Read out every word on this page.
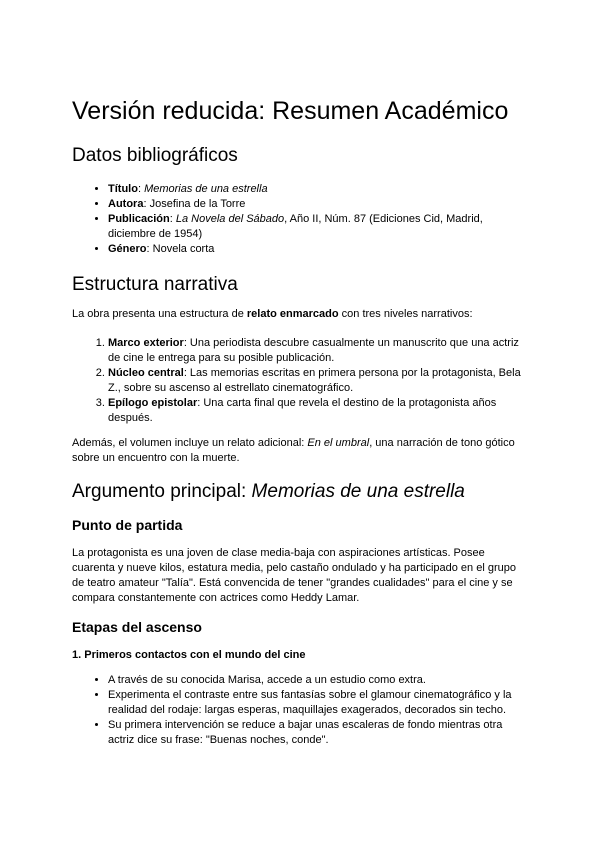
Versión reducida: Resumen Académico
Datos bibliográficos
• Título: Memorias de una estrella
• Autora: Josefina de la Torre
• Publicación: La Novela del Sábado, Año II, Núm. 87 (Ediciones Cid, Madrid, diciembre de 1954)
• Género: Novela corta
Estructura narrativa

La obra presenta una estructura de relato enmarcado con tres niveles narrativos:

1. Marco exterior: Una periodista descubre casualmente un manuscrito que una actriz de cine le entrega para su posible publicación.
2. Núcleo central: Las memorias escritas en primera persona por la protagonista, Bela Z., sobre su ascenso al estrellato cinematográfico.
3. Epílogo epistolar: Una carta final que revela el destino de la protagonista años después.

Además, el volumen incluye un relato adicional: En el umbral, una narración de tono gótico sobre un encuentro con la muerte.

Argumento principal: Memorias de una estrella
Punto de partida

La protagonista es una joven de clase media-baja con aspiraciones artísticas. Posee cuarenta y nueve kilos, estatura media, pelo castaño ondulado y ha participado en el grupo de teatro amateur "Talía". Está convencida de tener "grandes cualidades" para el cine y se compara constantemente con actrices como Heddy Lamar.

Etapas del ascenso
1. Primeros contactos con el mundo del cine
• A través de su conocida Marisa, accede a un estudio como extra.
• Experimenta el contraste entre sus fantasías sobre el glamour cinematográfico y la realidad del rodaje: largas esperas, maquillajes exagerados, decorados sin techo.
• Su primera intervención se reduce a bajar unas escaleras de fondo mientras otra actriz dice su frase: "Buenas noches, conde".
